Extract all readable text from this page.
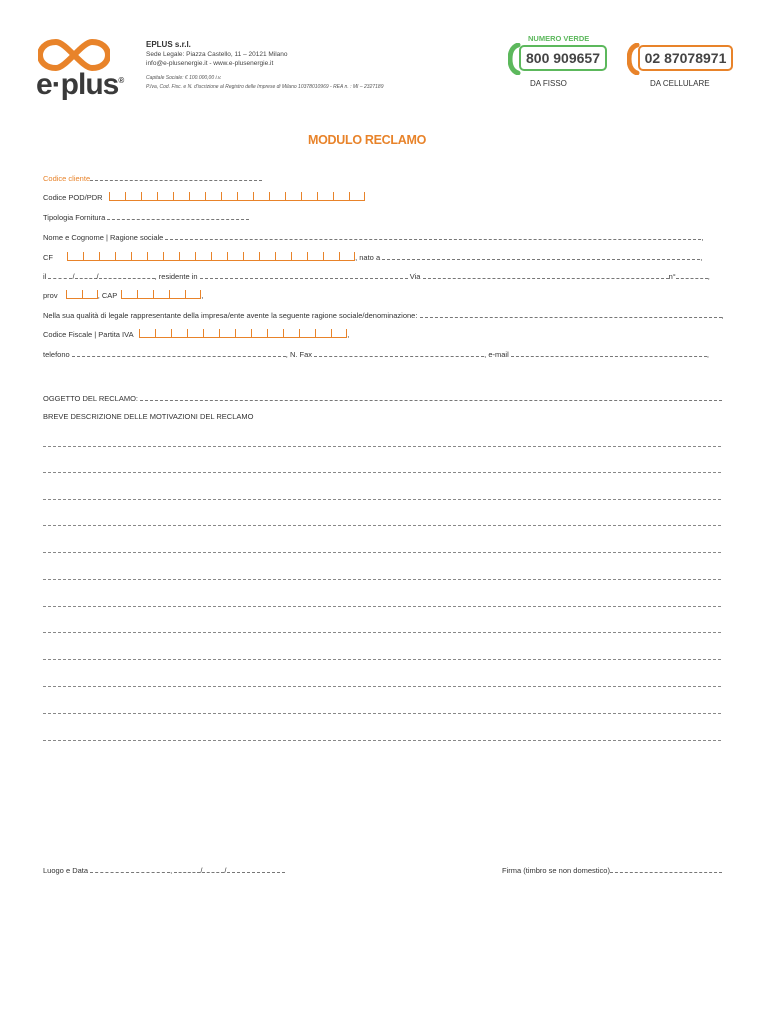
e·plus®
EPLUS s.r.l.
Sede Legale: Piazza Castello, 11 – 20121 Milano
info@e-plusenergie.it - www.e-plusenergie.it
Capitale Sociale: € 100.000,00 i.v.
P.Iva, Cod. Fisc. e N. d'iscrizione al Registro delle Imprese di Milano 10378010969 - REA n. : MI – 2327189
NUMERO VERDE
800 909657
DA FISSO
02 87078971
DA CELLULARE
MODULO RECLAMO
Codice cliente
Codice POD/PDR
Tipologia Fornitura
Nome e Cognome | Ragione sociale	,
CF	, nato a	,
il	/	/	, residente in	Via	n°	,
prov	, CAP	,
Nella sua qualità di legale rappresentante della impresa/ente avente la seguente ragione sociale/denominazione:	,
Codice Fiscale | Partita IVA	,
telefono	, N. Fax	, e-mail	,
OGGETTO DEL RECLAMO:
BREVE DESCRIZIONE DELLE MOTIVAZIONI DEL RECLAMO
Luogo e Data	,	/	/	Firma (timbro se non domestico)
